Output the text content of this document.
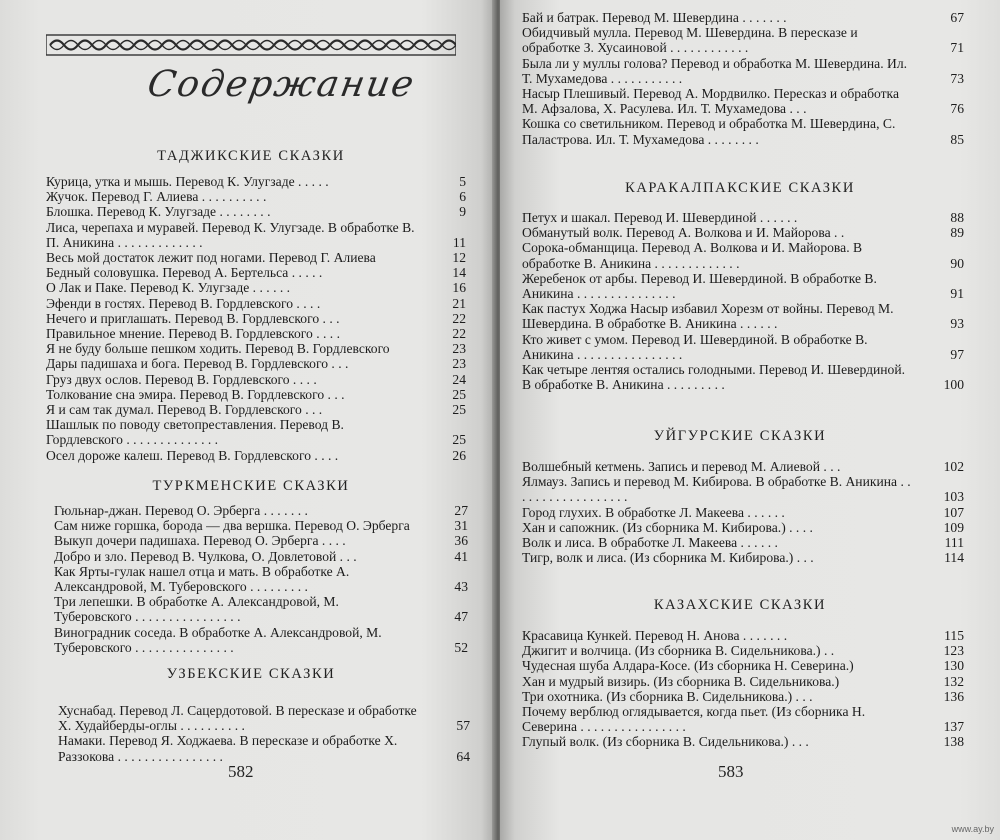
Содержание
ТАДЖИКСКИЕ СКАЗКИ
Курица, утка и мышь. Перевод К. Улугзаде . . . . .	5
Жучок. Перевод Г. Алиева . . . . . . . . . .	6
Блошка. Перевод К. Улугзаде . . . . . . . .	9
Лиса, черепаха и муравей. Перевод К. Улугзаде. В обработке В. П. Аникина . . . . . . . . . . . . .	11
Весь мой достаток лежит под ногами. Перевод Г. Алиева	12
Бедный соловушка. Перевод А. Бертельса . . . . .	14
О Лак и Паке. Перевод К. Улугзаде . . . . . .	16
Эфенди в гостях. Перевод В. Гордлевского . . . .	21
Нечего и приглашать. Перевод В. Гордлевского . . .	22
Правильное мнение. Перевод В. Гордлевского . . . .	22
Я не буду больше пешком ходить. Перевод В. Гордлевского	23
Дары падишаха и бога. Перевод В. Гордлевского . . .	23
Груз двух ослов. Перевод В. Гордлевского . . . .	24
Толкование сна эмира. Перевод В. Гордлевского . . .	25
Я и сам так думал. Перевод В. Гордлевского . . .	25
Шашлык по поводу светопреставления. Перевод В. Гордлевского . . . . . . . . . . . . . .	25
Осел дороже калеш. Перевод В. Гордлевского . . . .	26
ТУРКМЕНСКИЕ СКАЗКИ
Гюльнар-джан. Перевод О. Эрберга . . . . . . .	27
Сам ниже горшка, борода — два вершка. Перевод О. Эрберга	31
Выкуп дочери падишаха. Перевод О. Эрберга . . . .	36
Добро и зло. Перевод В. Чулкова, О. Довлетовой . . .	41
Как Ярты-гулак нашел отца и мать. В обработке А. Александровой, М. Туберовского . . . . . . . . .	43
Три лепешки. В обработке А. Александровой, М. Туберовского . . . . . . . . . . . . . . . .	47
Виноградник соседа. В обработке А. Александровой, М. Туберовского . . . . . . . . . . . . . . .	52
УЗБЕКСКИЕ СКАЗКИ
Хуснабад. Перевод Л. Сацердотовой. В пересказе и обработке Х. Худайберды-оглы . . . . . . . . . .	57
Намаки. Перевод Я. Ходжаева. В пересказе и обработке Х. Раззокова . . . . . . . . . . . . . . . .	64
582
Бай и батрак. Перевод М. Шевердина . . . . . . .	67
Обидчивый мулла. Перевод М. Шевердина. В пересказе и обработке З. Хусаиновой . . . . . . . . . . . .	71
Была ли у муллы голова? Перевод и обработка М. Шевердина. Ил. Т. Мухамедова . . . . . . . . . . .	73
Насыр Плешивый. Перевод А. Мордвилко. Пересказ и обработка М. Афзалова, Х. Расулева. Ил. Т. Мухамедова . . .	76
Кошка со светильником. Перевод и обработка М. Шевердина, С. Паластрова. Ил. Т. Мухамедова . . . . . . . .	85
КАРАКАЛПАКСКИЕ СКАЗКИ
Петух и шакал. Перевод И. Шевердиной . . . . . .	88
Обманутый волк. Перевод А. Волкова и И. Майорова . .	89
Сорока-обманщица. Перевод А. Волкова и И. Майорова. В обработке В. Аникина . . . . . . . . . . . . .	90
Жеребенок от арбы. Перевод И. Шевердиной. В обработке В. Аникина . . . . . . . . . . . . . . .	91
Как пастух Ходжа Насыр избавил Хорезм от войны. Перевод М. Шевердина. В обработке В. Аникина . . . . . .	93
Кто живет с умом. Перевод И. Шевердиной. В обработке В. Аникина . . . . . . . . . . . . . . . .	97
Как четыре лентяя остались голодными. Перевод И. Шевердиной. В обработке В. Аникина . . . . . . . . .	100
УЙГУРСКИЕ СКАЗКИ
Волшебный кетмень. Запись и перевод М. Алиевой . . .	102
Ялмауз. Запись и перевод М. Кибирова. В обработке В. Аникина . . . . . . . . . . . . . . . . . .	103
Город глухих. В обработке Л. Макеева . . . . . .	107
Хан и сапожник. (Из сборника М. Кибирова.) . . . .	109
Волк и лиса. В обработке Л. Макеева . . . . . .	111
Тигр, волк и лиса. (Из сборника М. Кибирова.) . . .	114
КАЗАХСКИЕ СКАЗКИ
Красавица Кункей. Перевод Н. Анова . . . . . . .	115
Джигит и волчица. (Из сборника В. Сидельникова.) . .	123
Чудесная шуба Алдара-Косе. (Из сборника Н. Северина.)	130
Хан и мудрый визирь. (Из сборника В. Сидельникова.)	132
Три охотника. (Из сборника В. Сидельникова.) . . .	136
Почему верблюд оглядывается, когда пьет. (Из сборника Н. Северина . . . . . . . . . . . . . . . .	137
Глупый волк. (Из сборника В. Сидельникова.) . . .	138
583
www.ay.by
